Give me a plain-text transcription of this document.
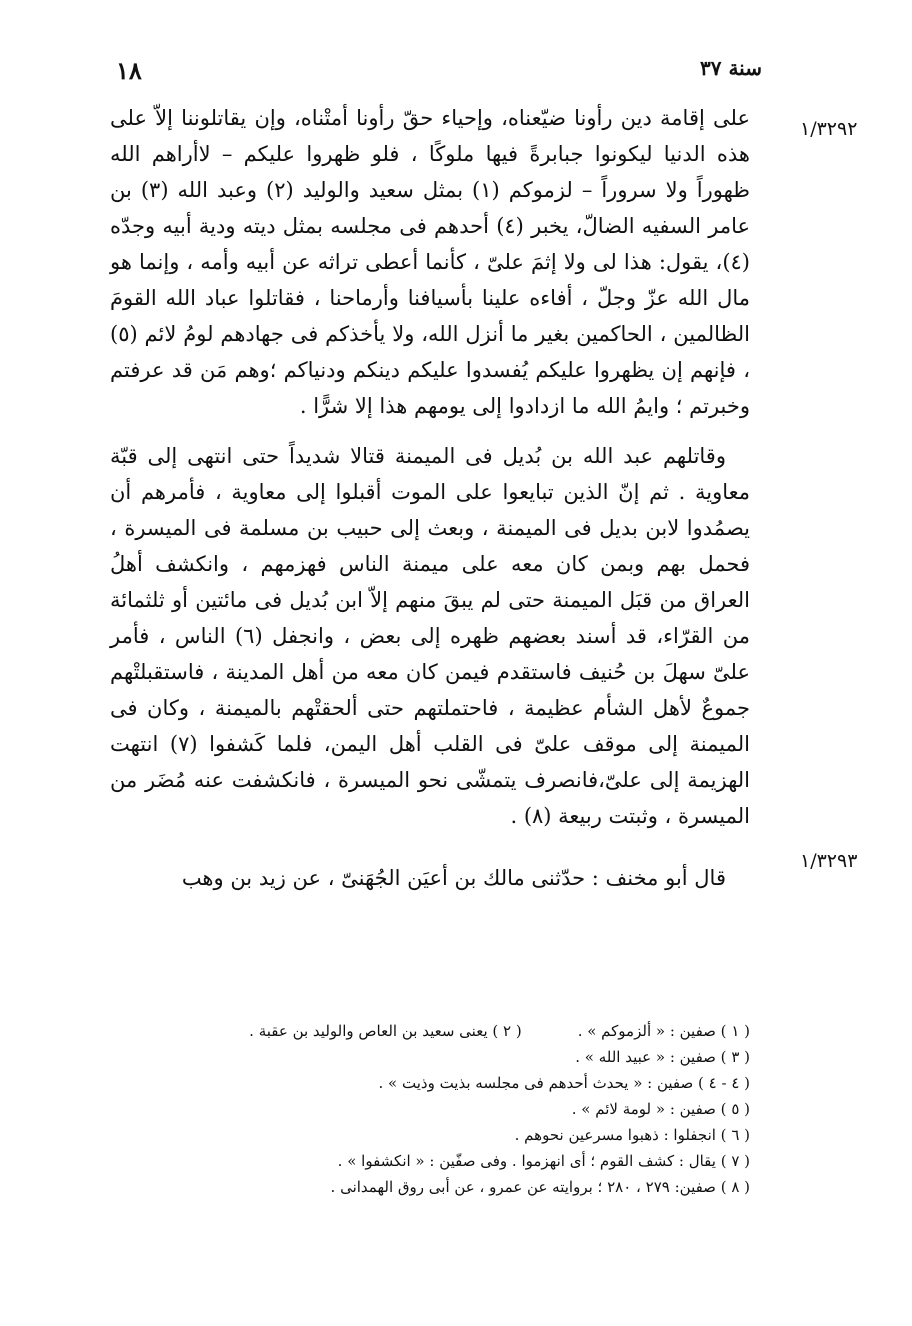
١٨	سنة ٣٧
١/٣٢٩٢
١/٣٢٩٣

على إقامة دين رأونا ضيّعناه، وإحياء حقّ رأونا أمتْناه، وإن يقاتلوننا إلاّ على هذه الدنيا ليكونوا جبابرةً فيها ملوكًا ، فلو ظهروا عليكم – لاأراهم الله ظهوراً ولا سروراً – لزموكم (١) بمثل سعيد والوليد (٢) وعبد الله (٣) بن عامر السفيه الضالّ، يخبر (٤) أحدهم فى مجلسه بمثل ديته ودية أبيه وجدّه (٤)، يقول: هذا لى ولا إثمَ علىّ ، كأنما أعطى تراثه عن أبيه وأمه ، وإنما هو مال الله عزّ وجلّ ، أفاءه علينا بأسيافنا وأرماحنا ، فقاتلوا عباد الله القومَ الظالمين ، الحاكمين بغير ما أنزل الله، ولا يأخذكم فى جهادهم لومُ لائم (٥) ، فإنهم إن يظهروا عليكم يُفسدوا عليكم دينكم ودنياكم ؛وهم مَن قد عرفتم وخبرتم ؛ وايمُ الله ما ازدادوا إلى يومهم هذا إلا شرًّا .

وقاتلهم عبد الله بن بُديل فى الميمنة قتالا شديداً حتى انتهى إلى قبّة معاوية . ثم إنّ الذين تبايعوا على الموت أقبلوا إلى معاوية ، فأمرهم أن يصمُدوا لابن بديل فى الميمنة ، وبعث إلى حبيب بن مسلمة فى الميسرة ، فحمل بهم وبمن كان معه على ميمنة الناس فهزمهم ، وانكشف أهلُ العراق من قبَل الميمنة حتى لم يبقَ منهم إلاّ ابن بُديل فى مائتين أو ثلثمائة من القرّاء، قد أسند بعضهم ظهره إلى بعض ، وانجفل (٦) الناس ، فأمر علىّ سهلَ بن حُنيف فاستقدم فيمن كان معه من أهل المدينة ، فاستقبلتْهم جموعٌ لأهل الشأم عظيمة ، فاحتملتهم حتى ألحقتْهم بالميمنة ، وكان فى الميمنة إلى موقف علىّ فى القلب أهل اليمن، فلما كَشفوا (٧) انتهت الهزيمة إلى علىّ،فانصرف يتمشّى نحو الميسرة ، فانكشفت عنه مُضَر من الميسرة ، وثبتت ربيعة (٨) .

قال أبو مخنف : حدّثنى مالك بن أعيَن الجُهَنىّ ، عن زيد بن وهب

( ١ ) صفين : « ألزموكم » .
( ٢ ) يعنى سعيد بن العاص والوليد بن عقبة .
( ٣ ) صفين : « عبيد الله » .
( ٤ - ٤ ) صفين : « يحدث أحدهم فى مجلسه بذيت وذيت » .
( ٥ ) صفين : « لومة لائم » .
( ٦ ) انجفلوا : ذهبوا مسرعين نحوهم .
( ٧ ) يقال : كشف القوم ؛ أى انهزموا . وفى صفّين : « انكشفوا » .
( ٨ ) صفين: ٢٧٩ ، ٢٨٠ ؛ بروايته عن عمرو ، عن أبى روق الهمدانى .
